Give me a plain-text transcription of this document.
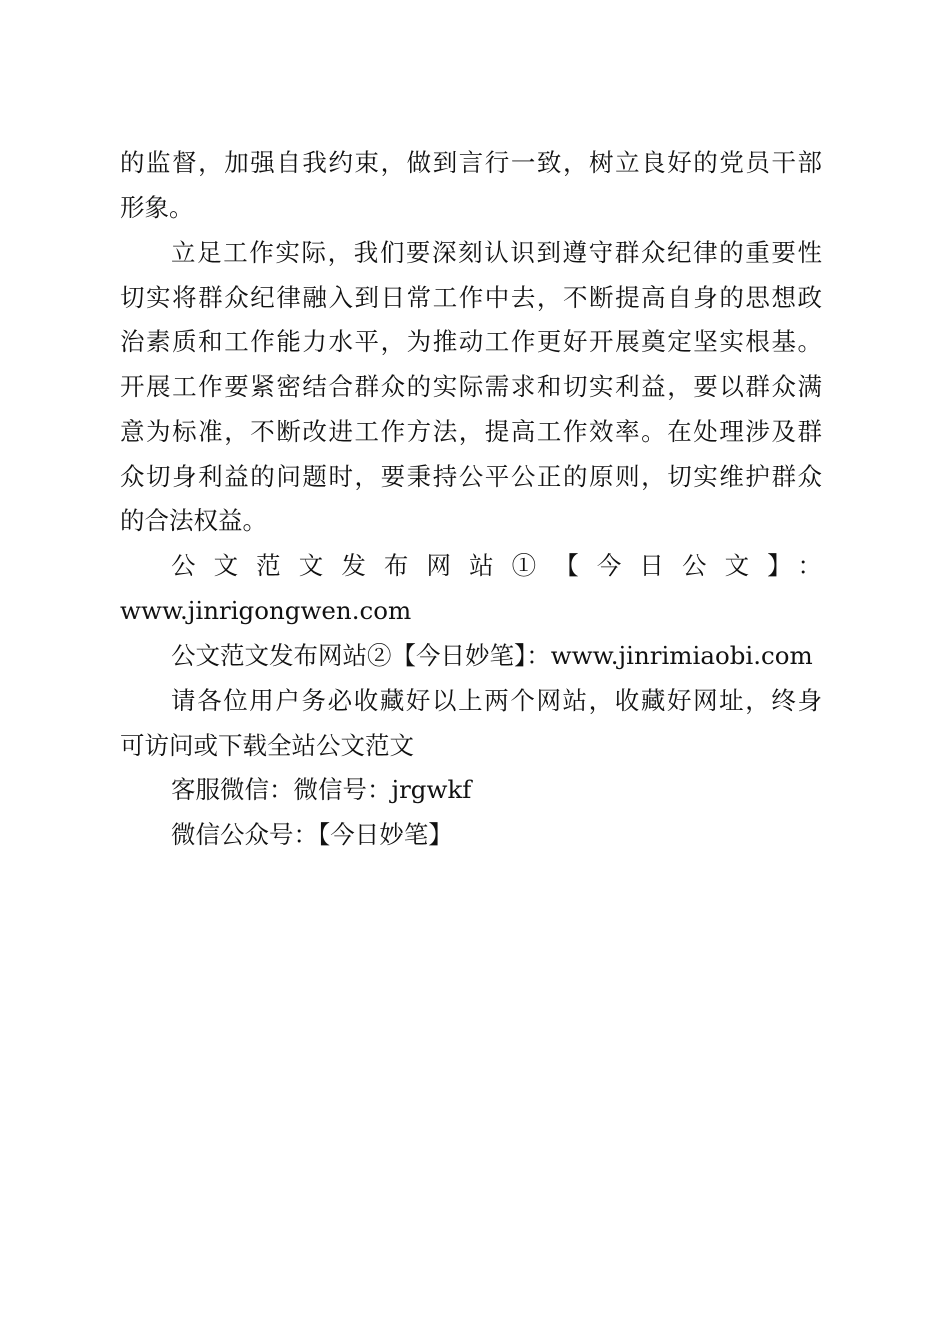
的监督，加强自我约束，做到言行一致，树立良好的党员干部
形象。
立足工作实际，我们要深刻认识到遵守群众纪律的重要性
切实将群众纪律融入到日常工作中去，不断提高自身的思想政
治素质和工作能力水平，为推动工作更好开展奠定坚实根基。
开展工作要紧密结合群众的实际需求和切实利益，要以群众满
意为标准，不断改进工作方法，提高工作效率。在处理涉及群
众切身利益的问题时，要秉持公平公正的原则，切实维护群众
的合法权益。
公文范文发布网站①【今日公文】：
www.jinrigongwen.com
公文范文发布网站②【今日妙笔】：www.jinrimiaobi.com
请各位用户务必收藏好以上两个网站，收藏好网址，终身
可访问或下载全站公文范文
客服微信：微信号：jrgwkf
微信公众号：【今日妙笔】
